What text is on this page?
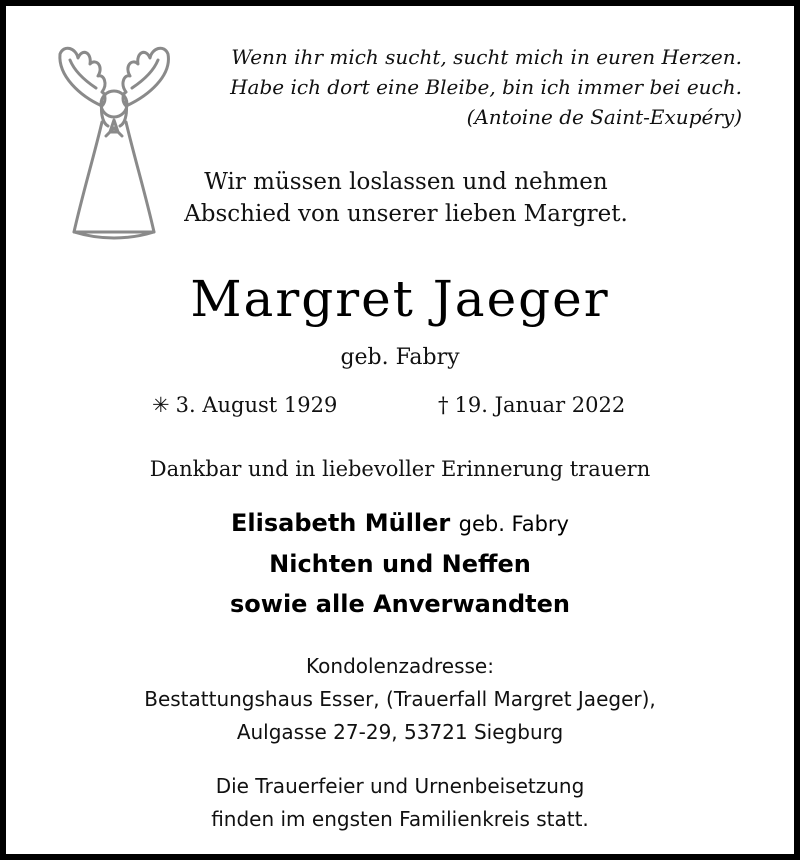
Wenn ihr mich sucht, sucht mich in euren Herzen.
Habe ich dort eine Bleibe, bin ich immer bei euch.
(Antoine de Saint-Exupéry)
Wir müssen loslassen und nehmen
Abschied von unserer lieben Margret.
Margret Jaeger
geb. Fabry
✳ 3. August 1929	† 19. Januar 2022
Dankbar und in liebevoller Erinnerung trauern
Elisabeth Müller geb. Fabry
Nichten und Neffen
sowie alle Anverwandten
Kondolenzadresse:
Bestattungshaus Esser, (Trauerfall Margret Jaeger),
Aulgasse 27-29, 53721 Siegburg
Die Trauerfeier und Urnenbeisetzung
finden im engsten Familienkreis statt.
